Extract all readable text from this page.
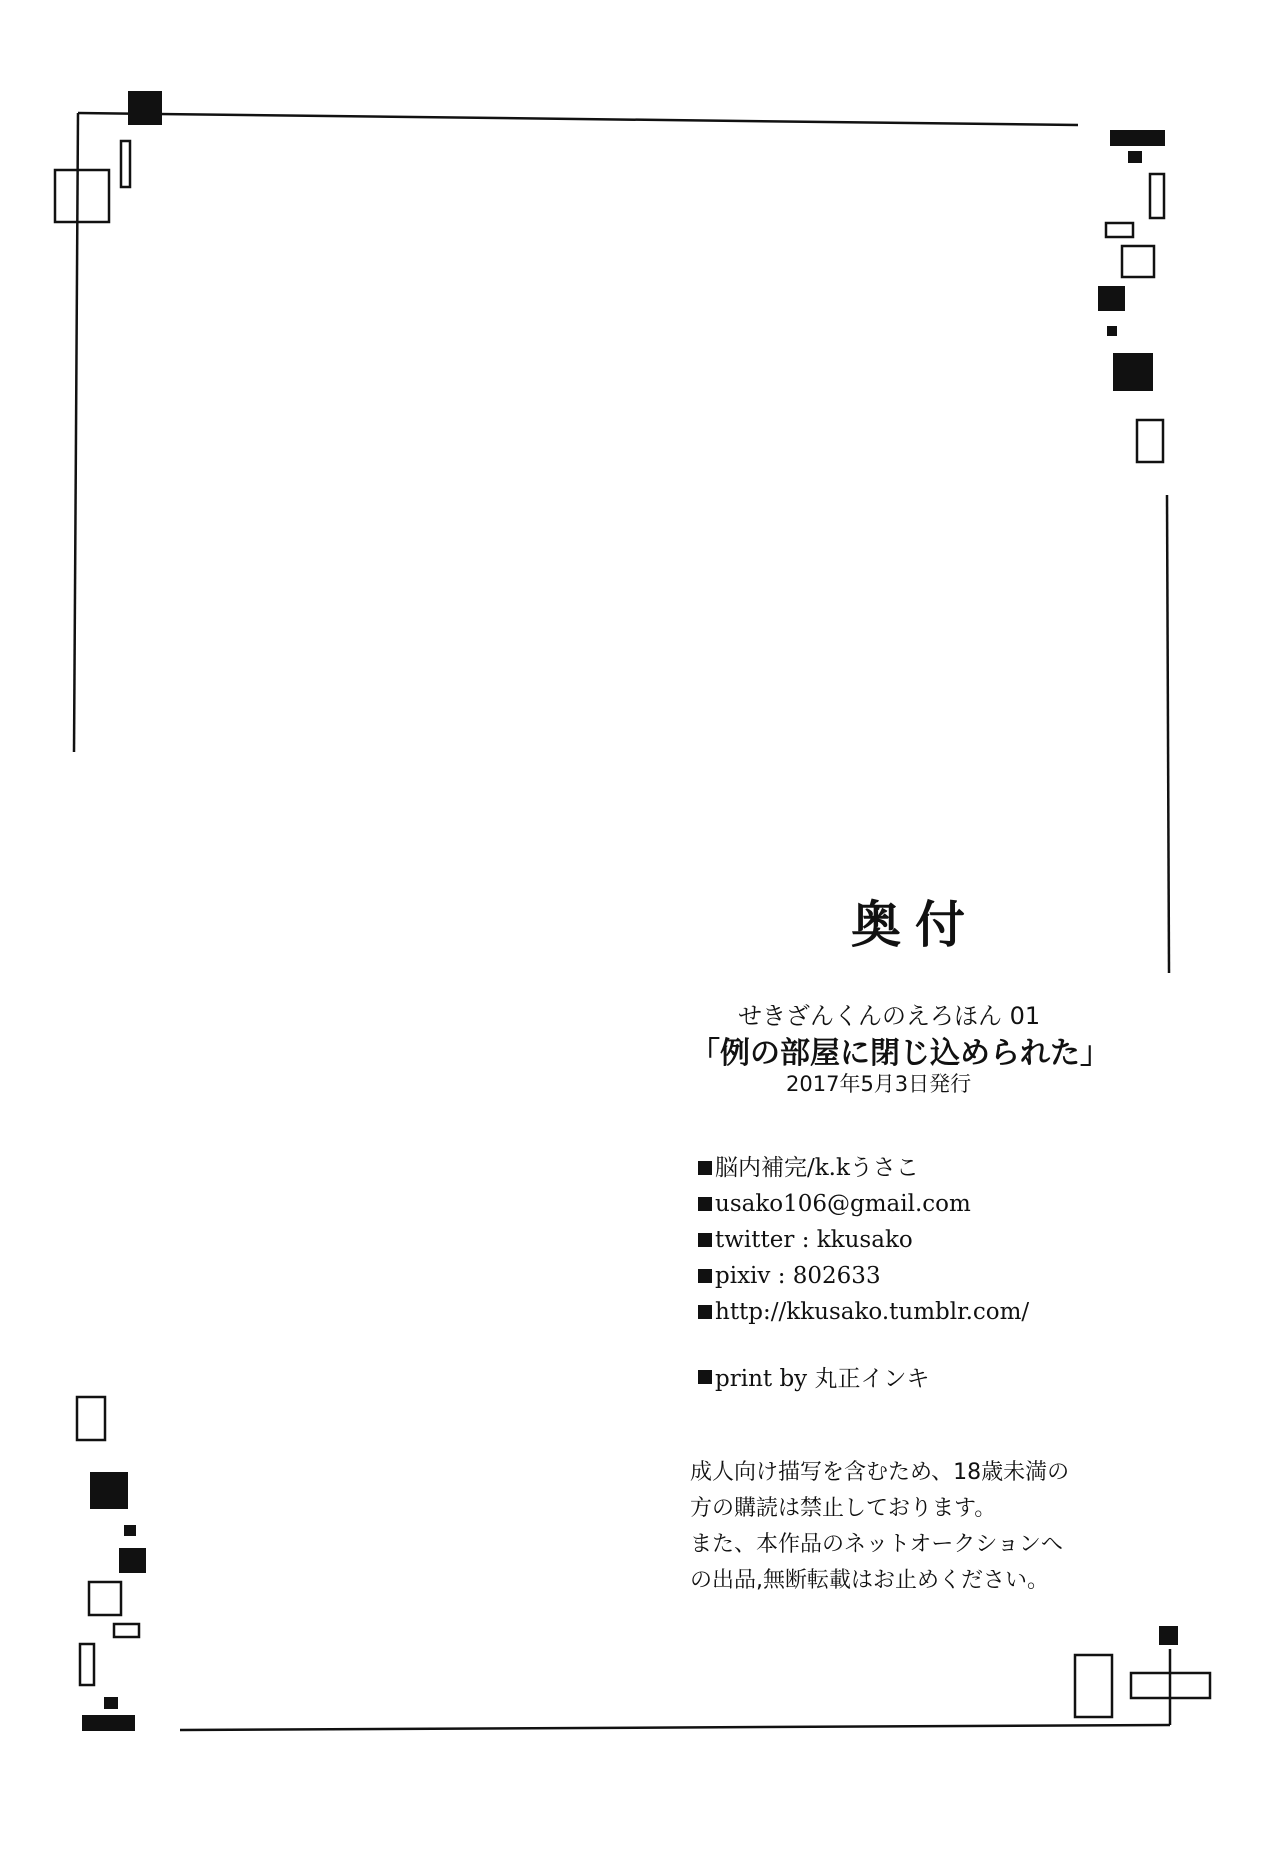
奥付
せきざんくんのえろほん 01
「例の部屋に閉じ込められた」
2017年5月3日発行
脳内補完/k.kうさこ
usako106@gmail.com
twitter : kkusako
pixiv : 802633
http://kkusako.tumblr.com/
print by 丸正インキ

成人向け描写を含むため、18歳未満の

方の購読は禁止しております。

また、本作品のネットオークションへ

の出品,無断転載はお止めください。
